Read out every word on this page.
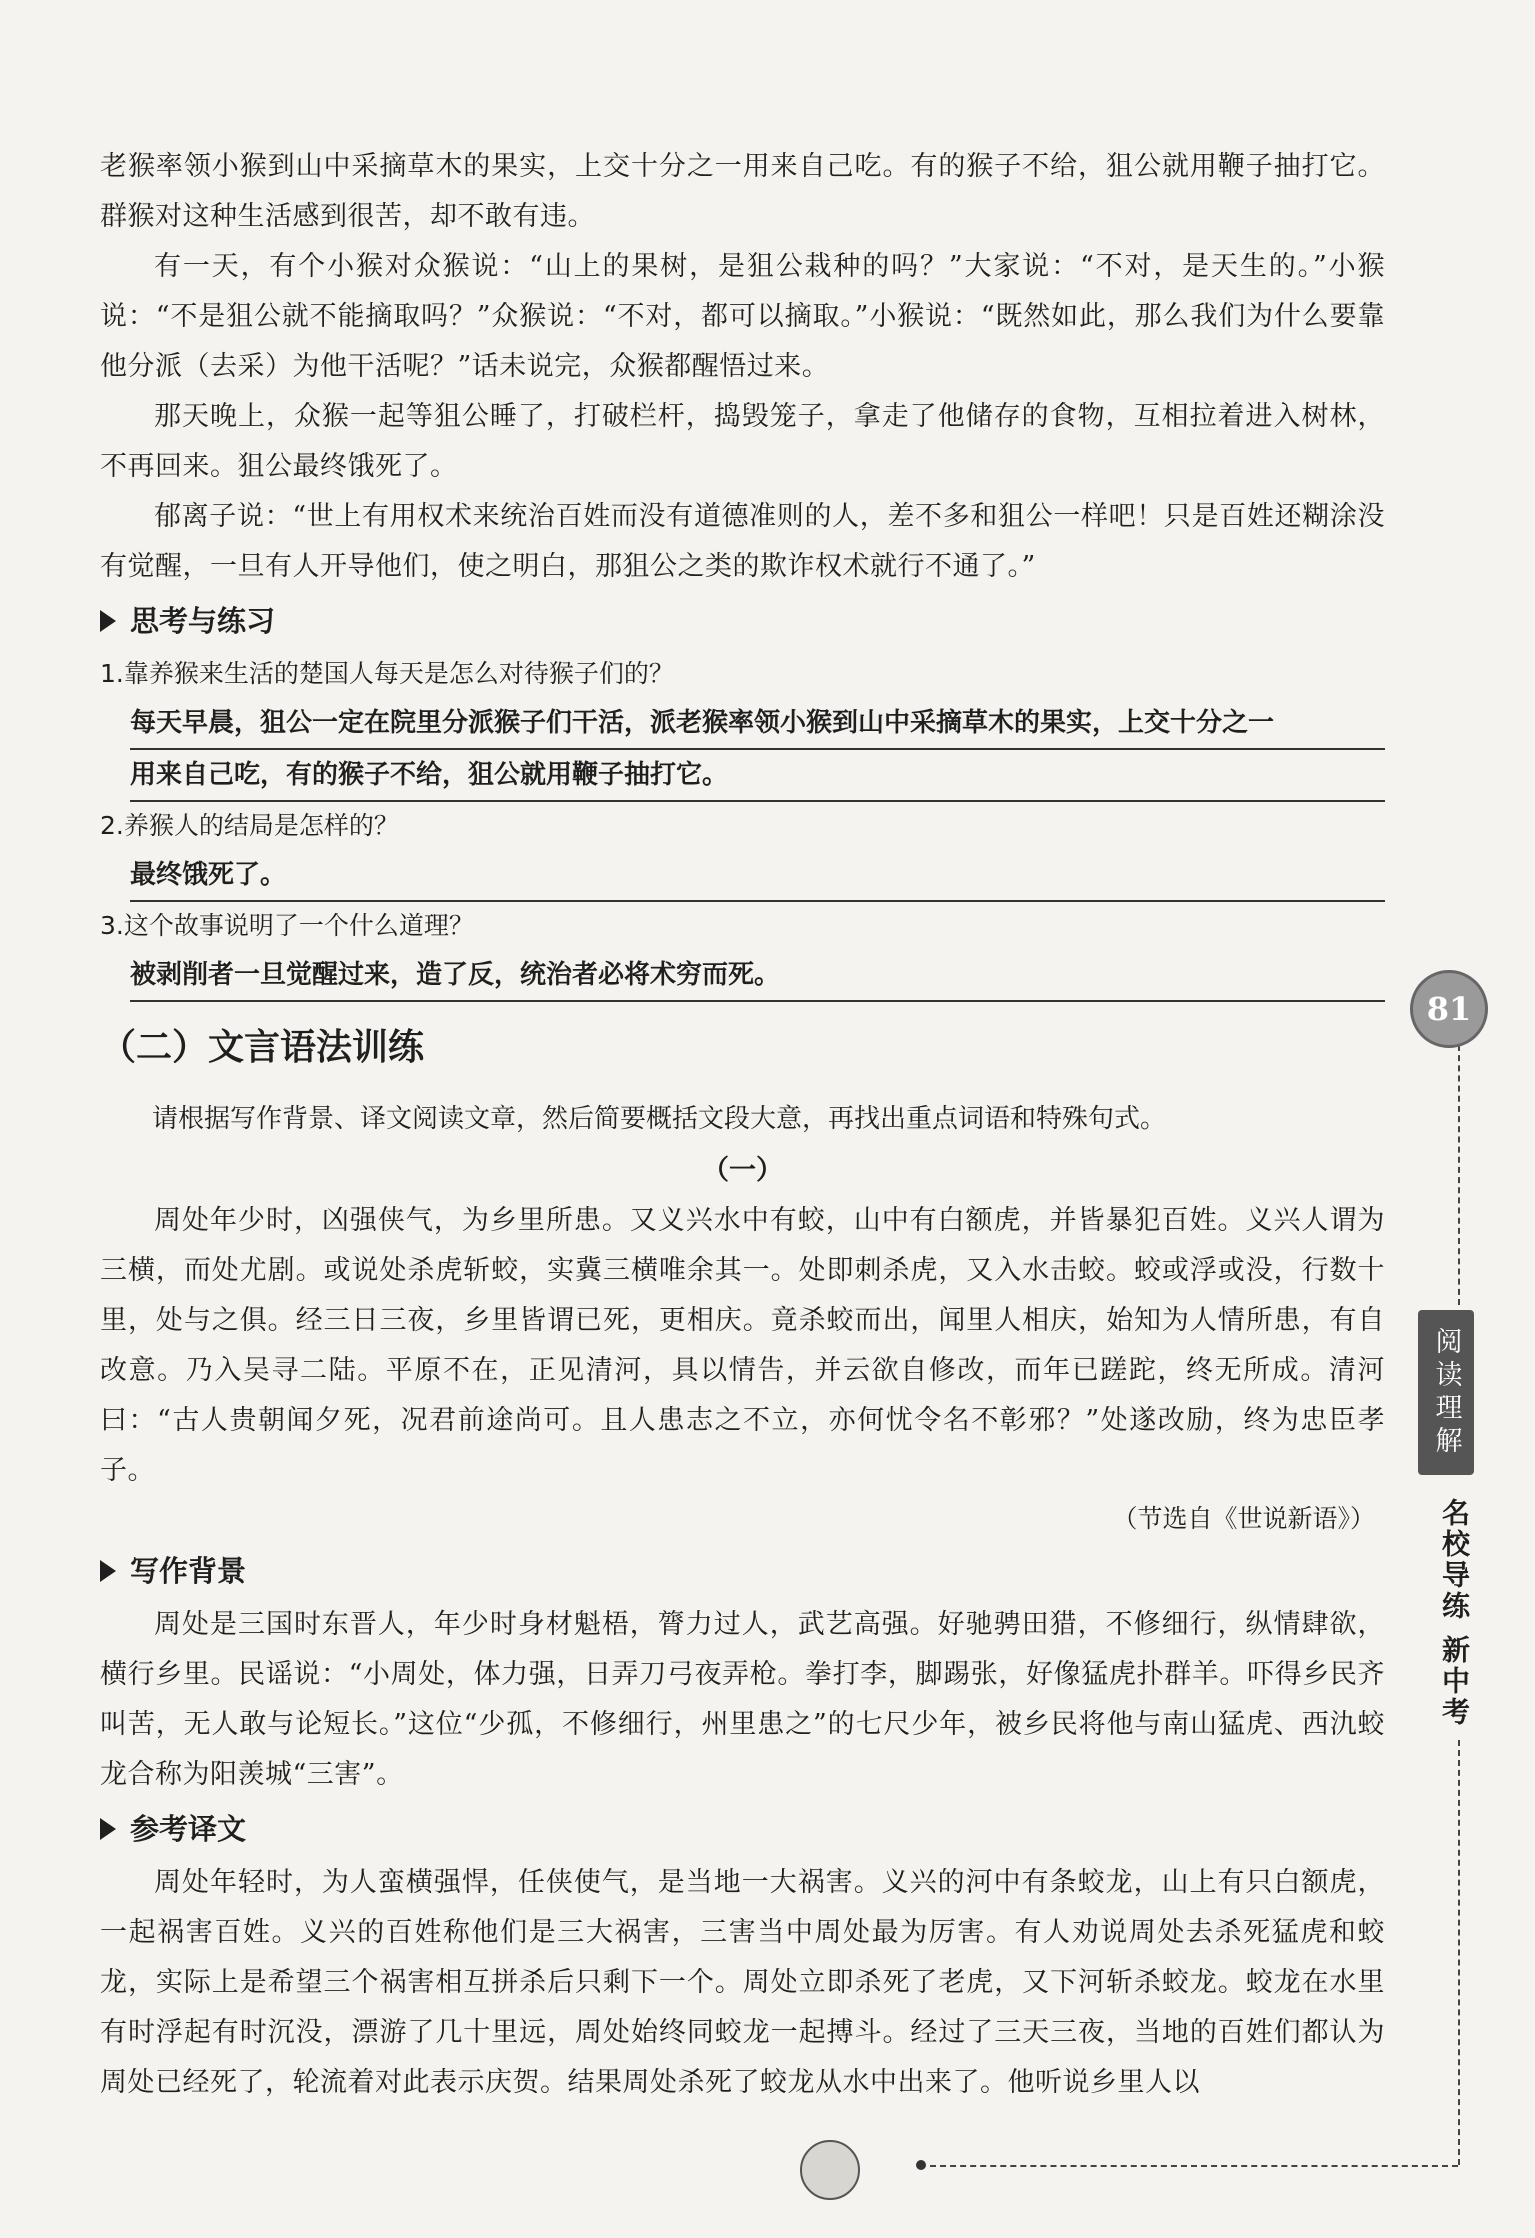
老猴率领小猴到山中采摘草木的果实，上交十分之一用来自己吃。有的猴子不给，狙公就用鞭子抽打它。群猴对这种生活感到很苦，却不敢有违。

有一天，有个小猴对众猴说：“山上的果树，是狙公栽种的吗？”大家说：“不对，是天生的。”小猴说：“不是狙公就不能摘取吗？”众猴说：“不对，都可以摘取。”小猴说：“既然如此，那么我们为什么要靠他分派（去采）为他干活呢？”话未说完，众猴都醒悟过来。

那天晚上，众猴一起等狙公睡了，打破栏杆，捣毁笼子，拿走了他储存的食物，互相拉着进入树林，不再回来。狙公最终饿死了。

郁离子说：“世上有用权术来统治百姓而没有道德准则的人，差不多和狙公一样吧！只是百姓还糊涂没有觉醒，一旦有人开导他们，使之明白，那狙公之类的欺诈权术就行不通了。”

思考与练习

1.靠养猴来生活的楚国人每天是怎么对待猴子们的？

每天早晨，狙公一定在院里分派猴子们干活，派老猴率领小猴到山中采摘草木的果实，上交十分之一
用来自己吃，有的猴子不给，狙公就用鞭子抽打它。

2.养猴人的结局是怎样的？

最终饿死了。

3.这个故事说明了一个什么道理？

被剥削者一旦觉醒过来，造了反，统治者必将术穷而死。
（二）文言语法训练

请根据写作背景、译文阅读文章，然后简要概括文段大意，再找出重点词语和特殊句式。

（一）

周处年少时，凶强侠气，为乡里所患。又义兴水中有蛟，山中有白额虎，并皆暴犯百姓。义兴人谓为三横，而处尤剧。或说处杀虎斩蛟，实冀三横唯余其一。处即刺杀虎，又入水击蛟。蛟或浮或没，行数十里，处与之俱。经三日三夜，乡里皆谓已死，更相庆。竟杀蛟而出，闻里人相庆，始知为人情所患，有自改意。乃入吴寻二陆。平原不在，正见清河，具以情告，并云欲自修改，而年已蹉跎，终无所成。清河曰：“古人贵朝闻夕死，况君前途尚可。且人患志之不立，亦何忧令名不彰邪？”处遂改励，终为忠臣孝子。

（节选自《世说新语》）

写作背景

周处是三国时东晋人，年少时身材魁梧，膂力过人，武艺高强。好驰骋田猎，不修细行，纵情肆欲，横行乡里。民谣说：“小周处，体力强，日弄刀弓夜弄枪。拳打李，脚踢张，好像猛虎扑群羊。吓得乡民齐叫苦，无人敢与论短长。”这位“少孤，不修细行，州里患之”的七尺少年，被乡民将他与南山猛虎、西氿蛟龙合称为阳羡城“三害”。

参考译文

周处年轻时，为人蛮横强悍，任侠使气，是当地一大祸害。义兴的河中有条蛟龙，山上有只白额虎，一起祸害百姓。义兴的百姓称他们是三大祸害，三害当中周处最为厉害。有人劝说周处去杀死猛虎和蛟龙，实际上是希望三个祸害相互拼杀后只剩下一个。周处立即杀死了老虎，又下河斩杀蛟龙。蛟龙在水里有时浮起有时沉没，漂游了几十里远，周处始终同蛟龙一起搏斗。经过了三天三夜，当地的百姓们都认为周处已经死了，轮流着对此表示庆贺。结果周处杀死了蛟龙从水中出来了。他听说乡里人以

81
阅读理解
名校导练 新中考
